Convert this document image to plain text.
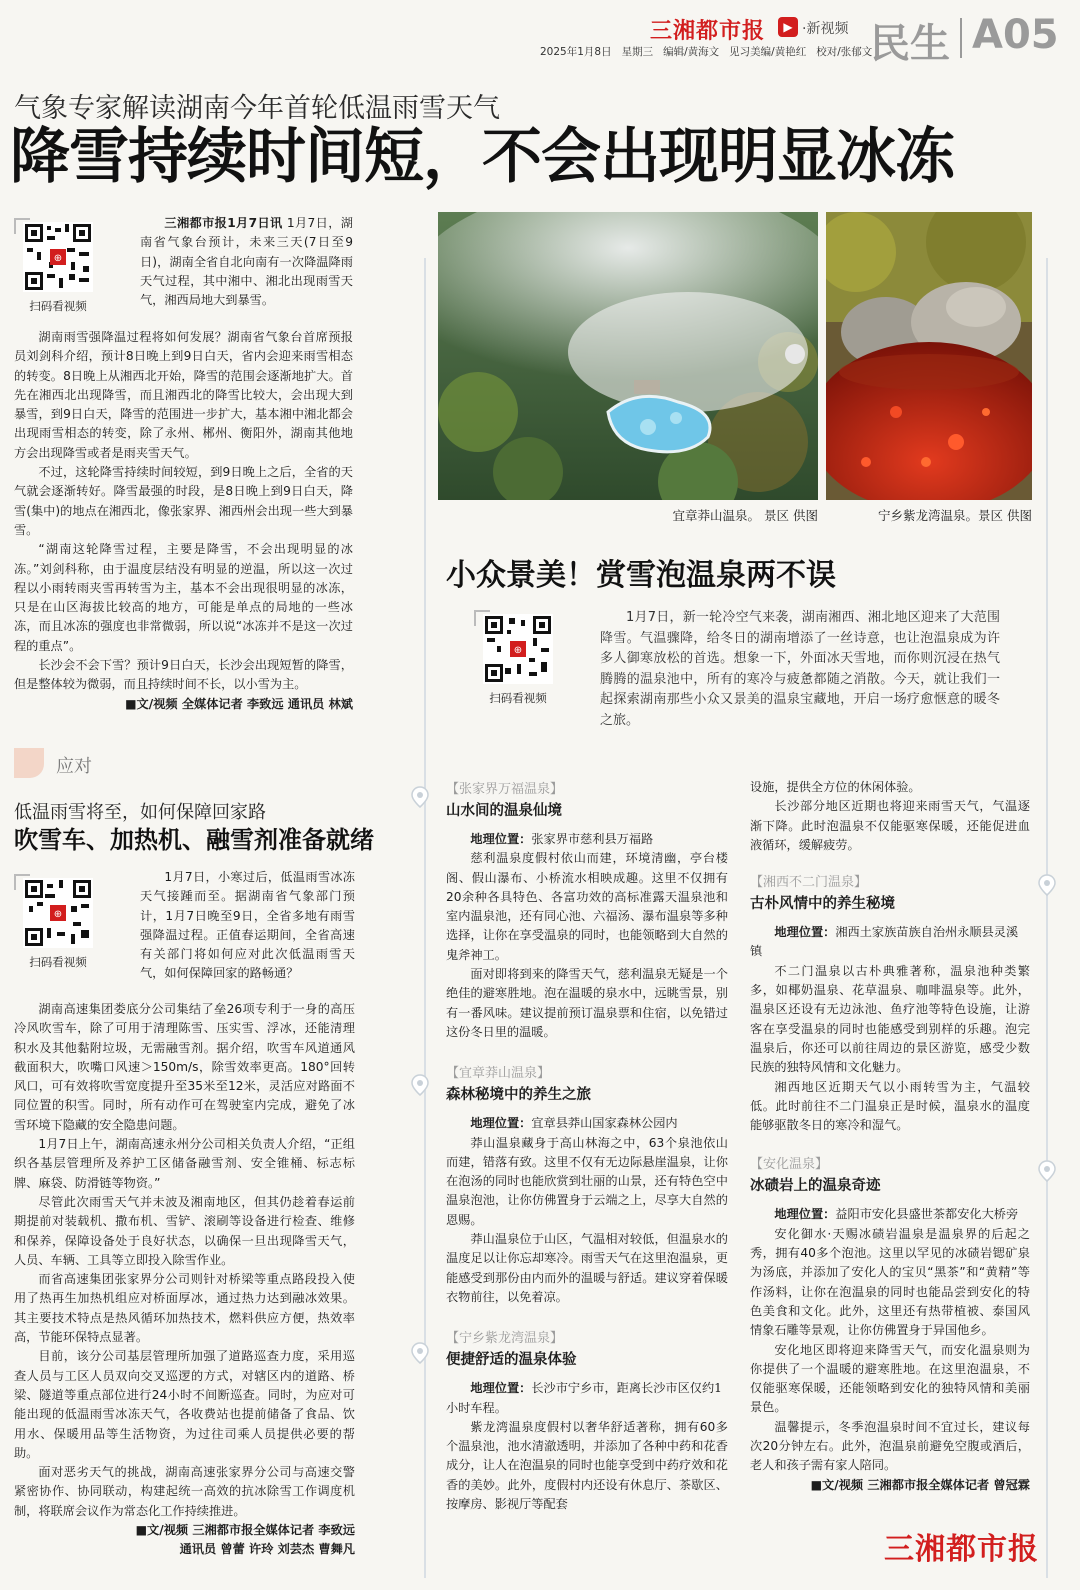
三湘都市报	▶ ·新视频
2025年1月8日   星期三   编辑/黄海文   见习美编/黄艳红   校对/张郁文
民生 A05
气象专家解读湖南今年首轮低温雨雪天气
降雪持续时间短，不会出现明显冰冻
⊕
扫码看视频

三湘都市报1月7日讯 1月7日，湖南省气象台预计，未来三天(7日至9日)，湖南全省自北向南有一次降温降雨天气过程，其中湘中、湘北出现雨雪天气，湘西局地大到暴雪。

湖南雨雪强降温过程将如何发展？湖南省气象台首席预报员刘剑科介绍，预计8日晚上到9日白天，省内会迎来雨雪相态的转变。8日晚上从湘西北开始，降雪的范围会逐渐地扩大。首先在湘西北出现降雪，而且湘西北的降雪比较大，会出现大到暴雪，到9日白天，降雪的范围进一步扩大，基本湘中湘北都会出现雨雪相态的转变，除了永州、郴州、衡阳外，湖南其他地方会出现降雪或者是雨夹雪天气。

不过，这轮降雪持续时间较短，到9日晚上之后，全省的天气就会逐渐转好。降雪最强的时段，是8日晚上到9日白天，降雪(集中)的地点在湘西北，像张家界、湘西州会出现一些大到暴雪。

“湖南这轮降雪过程，主要是降雪，不会出现明显的冰冻。”刘剑科称，由于温度层结没有明显的逆温，所以这一次过程以小雨转雨夹雪再转雪为主，基本不会出现很明显的冰冻，只是在山区海拔比较高的地方，可能是单点的局地的一些冰冻，而且冰冻的强度也非常微弱，所以说“冰冻并不是这一次过程的重点”。

长沙会不会下雪？预计9日白天，长沙会出现短暂的降雪，但是整体较为微弱，而且持续时间不长，以小雪为主。

■文/视频 全媒体记者 李致远 通讯员 林斌
应对
低温雨雪将至，如何保障回家路
吹雪车、加热机、融雪剂准备就绪
⊕
扫码看视频

1月7日，小寒过后，低温雨雪冰冻天气接踵而至。据湖南省气象部门预计，1月7日晚至9日，全省多地有雨雪强降温过程。正值春运期间，全省高速有关部门将如何应对此次低温雨雪天气，如何保障回家的路畅通？

湖南高速集团娄底分公司集结了垒26项专利于一身的高压冷风吹雪车，除了可用于清理陈雪、压实雪、浮冰，还能清理积水及其他黏附垃圾，无需融雪剂。据介绍，吹雪车风道通风截面积大，吹嘴口风速＞150m/s，除雪效率更高。180°回转风口，可有效将吹雪宽度提升至35米至12米，灵活应对路面不同位置的积雪。同时，所有动作可在驾驶室内完成，避免了冰雪环境下隐藏的安全隐患问题。

1月7日上午，湖南高速永州分公司相关负责人介绍，“正组织各基层管理所及养护工区储备融雪剂、安全锥桶、标志标牌、麻袋、防滑链等物资。”

尽管此次雨雪天气并未波及湘南地区，但其仍趁着春运前期提前对装载机、撒布机、雪铲、滚刷等设备进行检查、维修和保养，保障设备处于良好状态，以确保一旦出现降雪天气，人员、车辆、工具等立即投入除雪作业。

而省高速集团张家界分公司则针对桥梁等重点路段投入使用了热再生加热机组应对桥面厚冰，通过热力达到融冰效果。其主要技术特点是热风循环加热技术，燃料供应方便，热效率高，节能环保特点显著。

目前，该分公司基层管理所加强了道路巡查力度，采用巡查人员与工区人员双向交叉巡逻的方式，对辖区内的道路、桥梁、隧道等重点部位进行24小时不间断巡查。同时，为应对可能出现的低温雨雪冰冻天气，各收费站也提前储备了食品、饮用水、保暖用品等生活物资，为过往司乘人员提供必要的帮助。

面对恶劣天气的挑战，湖南高速张家界分公司与高速交警紧密协作、协同联动，构建起统一高效的抗冰除雪工作调度机制，将联席会议作为常态化工作持续推进。

■文/视频 三湘都市报全媒体记者 李致远
通讯员 曾蕾 许玲 刘芸杰 曹舞凡
宜章莽山温泉。 景区 供图	宁乡紫龙湾温泉。景区 供图
小众景美！赏雪泡温泉两不误
⊕
扫码看视频

1月7日，新一轮冷空气来袭，湖南湘西、湘北地区迎来了大范围降雪。气温骤降，给冬日的湖南增添了一丝诗意，也让泡温泉成为许多人御寒放松的首选。想象一下，外面冰天雪地，而你则沉浸在热气腾腾的温泉池中，所有的寒冷与疲惫都随之消散。今天，就让我们一起探索湖南那些小众又景美的温泉宝藏地，开启一场疗愈惬意的暖冬之旅。

【张家界万福温泉】
山水间的温泉仙境
地理位置：张家界市慈利县万福路

慈利温泉度假村依山而建，环境清幽，亭台楼阁、假山瀑布、小桥流水相映成趣。这里不仅拥有20余种各具特色、各富功效的高标准露天温泉池和室内温泉池，还有同心池、六福汤、瀑布温泉等多种选择，让你在享受温泉的同时，也能领略到大自然的鬼斧神工。

面对即将到来的降雪天气，慈利温泉无疑是一个绝佳的避寒胜地。泡在温暖的泉水中，远眺雪景，别有一番风味。建议提前预订温泉票和住宿，以免错过这份冬日里的温暖。

【宜章莽山温泉】
森林秘境中的养生之旅
地理位置：宜章县莽山国家森林公园内

莽山温泉藏身于高山林海之中，63个泉池依山而建，错落有致。这里不仅有无边际悬崖温泉，让你在泡汤的同时也能欣赏到壮丽的山景，还有特色空中温泉泡池，让你仿佛置身于云端之上，尽享大自然的恩赐。

莽山温泉位于山区，气温相对较低，但温泉水的温度足以让你忘却寒冷。雨雪天气在这里泡温泉，更能感受到那份由内而外的温暖与舒适。建议穿着保暖衣物前往，以免着凉。

【宁乡紫龙湾温泉】
便捷舒适的温泉体验
地理位置：长沙市宁乡市，距离长沙市区仅约1小时车程。

紫龙湾温泉度假村以奢华舒适著称，拥有60多个温泉池，池水清澈透明，并添加了各种中药和花香成分，让人在泡温泉的同时也能享受到中药疗效和花香的美妙。此外，度假村内还设有休息厅、茶歇区、按摩房、影视厅等配套

设施，提供全方位的休闲体验。

长沙部分地区近期也将迎来雨雪天气，气温逐渐下降。此时泡温泉不仅能驱寒保暖，还能促进血液循环，缓解疲劳。

【湘西不二门温泉】
古朴风情中的养生秘境
地理位置：湘西土家族苗族自治州永顺县灵溪镇

不二门温泉以古朴典雅著称，温泉池种类繁多，如椰奶温泉、花草温泉、咖啡温泉等。此外，温泉区还设有无边泳池、鱼疗池等特色设施，让游客在享受温泉的同时也能感受到别样的乐趣。泡完温泉后，你还可以前往周边的景区游览，感受少数民族的独特风情和文化魅力。

湘西地区近期天气以小雨转雪为主，气温较低。此时前往不二门温泉正是时候，温泉水的温度能够驱散冬日的寒冷和湿气。

【安化温泉】
冰碛岩上的温泉奇迹
地理位置：益阳市安化县盛世茶都安化大桥旁

安化御水·天赐冰碛岩温泉是温泉界的后起之秀，拥有40多个泡池。这里以罕见的冰碛岩锶矿泉为汤底，并添加了安化人的宝贝“黑茶”和“黄精”等作汤料，让你在泡温泉的同时也能品尝到安化的特色美食和文化。此外，这里还有热带植被、泰国风情象石雕等景观，让你仿佛置身于异国他乡。

安化地区即将迎来降雪天气，而安化温泉则为你提供了一个温暖的避寒胜地。在这里泡温泉，不仅能驱寒保暖，还能领略到安化的独特风情和美丽景色。

温馨提示，冬季泡温泉时间不宜过长，建议每次20分钟左右。此外，泡温泉前避免空腹或酒后，老人和孩子需有家人陪同。

■文/视频 三湘都市报全媒体记者 曾冠霖
三湘都市报
